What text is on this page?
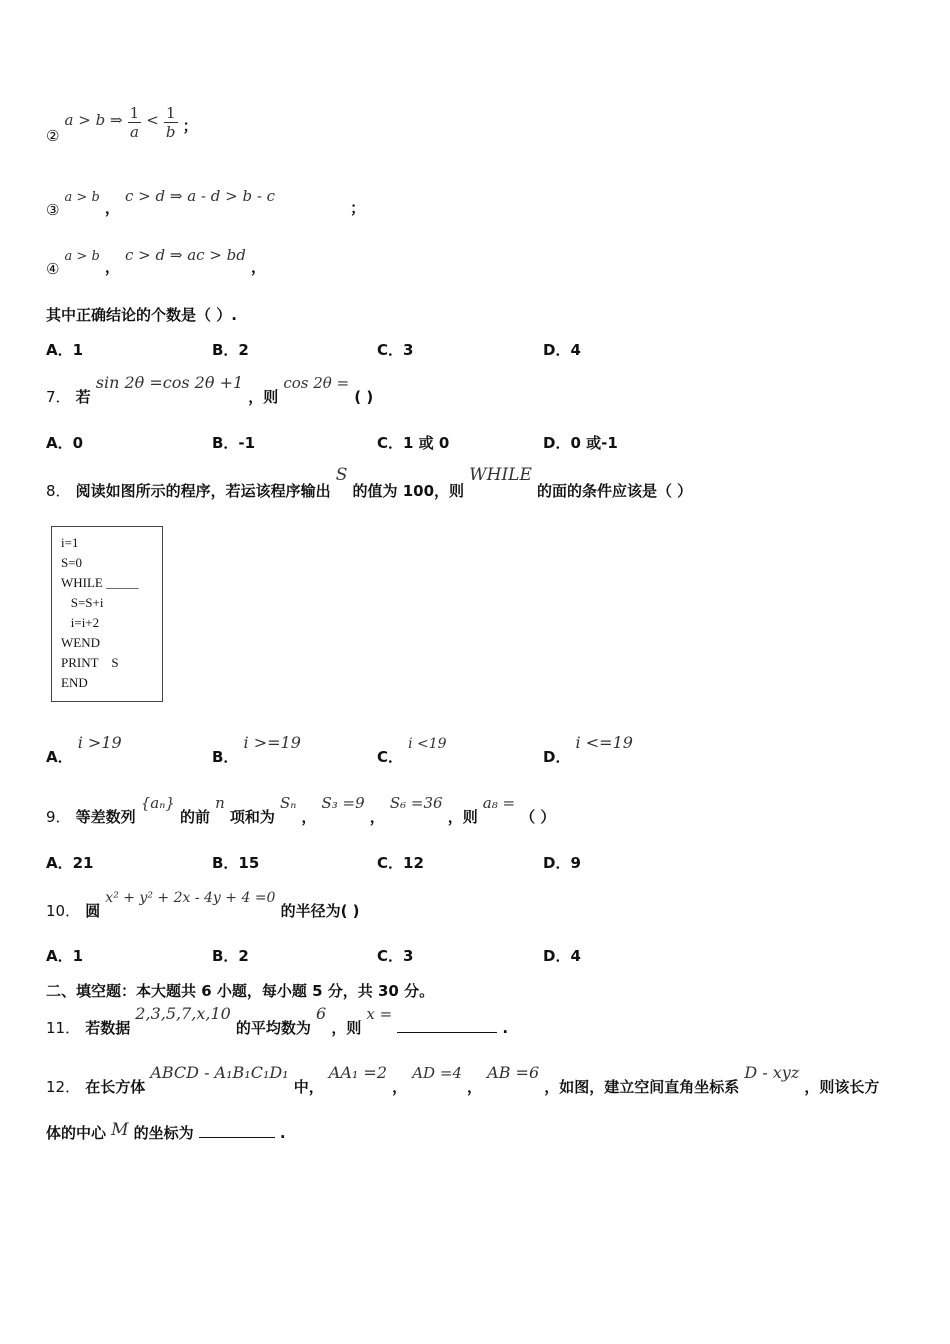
② a > b ⇒ $\frac{1}{a} < \frac{1}{b}$ ；
③ a > b ， c > d ⇒ a - d > b - c ；
④ a > b ， c > d ⇒ ac > bd ，
其中正确结论的个数是（ ）.
A．1	B．2	C．3	D．4
7． 若 sin 2θ =cos 2θ +1 ，则 cos 2θ = ( )
A．0	B．-1	C．1 或 0	D．0 或-1
8． 阅读如图所示的程序，若运该程序输出 S 的值为 100，则 WHILE 的面的条件应该是（ ）
i=1
S=0
WHILE _____
S=S+i
i=i+2
WEND
PRINT    S
END
A． i >19
B． i >=19
C． i <19
D． i <=19
9． 等差数列 {aₙ} 的前 n 项和为 Sₙ ， S₃ =9 ， S₆ =36 ，则 a₈ = （ ）
A．21	B．15	C．12	D．9
10． 圆 x² + y² + 2x - 4y + 4 =0 的半径为( )
A．1	B．2	C．3	D．4
二、填空题：本大题共 6 小题，每小题 5 分，共 30 分。
11． 若数据 2,3,5,7,x,10 的平均数为 6 ，则 x =  .
12． 在长方体 ABCD - A₁B₁C₁D₁ 中， AA₁ =2 ， AD =4 ， AB =6 ，如图，建立空间直角坐标系 D - xyz ，则该长方
体的中心 M 的坐标为	.
